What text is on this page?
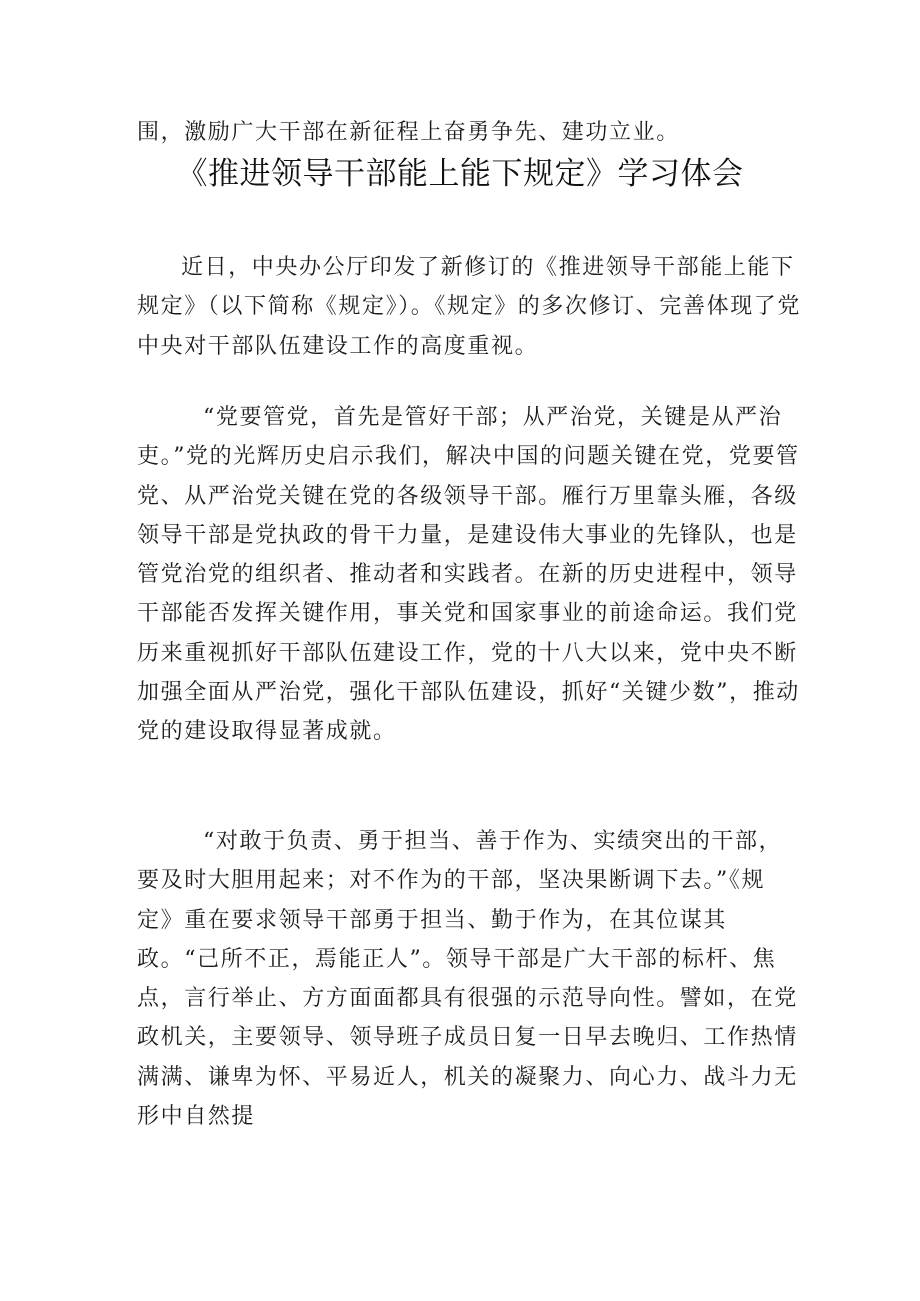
围，激励广大干部在新征程上奋勇争先、建功立业。
《推进领导干部能上能下规定》学习体会
近日，中央办公厅印发了新修订的《推进领导干部能上能下规定》（以下简称《规定》）。《规定》的多次修订、完善体现了党中央对干部队伍建设工作的高度重视。
“党要管党，首先是管好干部；从严治党，关键是从严治吏。”党的光辉历史启示我们，解决中国的问题关键在党，党要管党、从严治党关键在党的各级领导干部。雁行万里靠头雁，各级领导干部是党执政的骨干力量，是建设伟大事业的先锋队，也是管党治党的组织者、推动者和实践者。在新的历史进程中，领导干部能否发挥关键作用，事关党和国家事业的前途命运。我们党历来重视抓好干部队伍建设工作，党的十八大以来，党中央不断加强全面从严治党，强化干部队伍建设，抓好“关键少数”，推动党的建设取得显著成就。
“对敢于负责、勇于担当、善于作为、实绩突出的干部，要及时大胆用起来；对不作为的干部，坚决果断调下去。”《规定》重在要求领导干部勇于担当、勤于作为，在其位谋其政。“己所不正，焉能正人”。领导干部是广大干部的标杆、焦点，言行举止、方方面面都具有很强的示范导向性。譬如，在党政机关，主要领导、领导班子成员日复一日早去晚归、工作热情满满、谦卑为怀、平易近人，机关的凝聚力、向心力、战斗力无形中自然提
